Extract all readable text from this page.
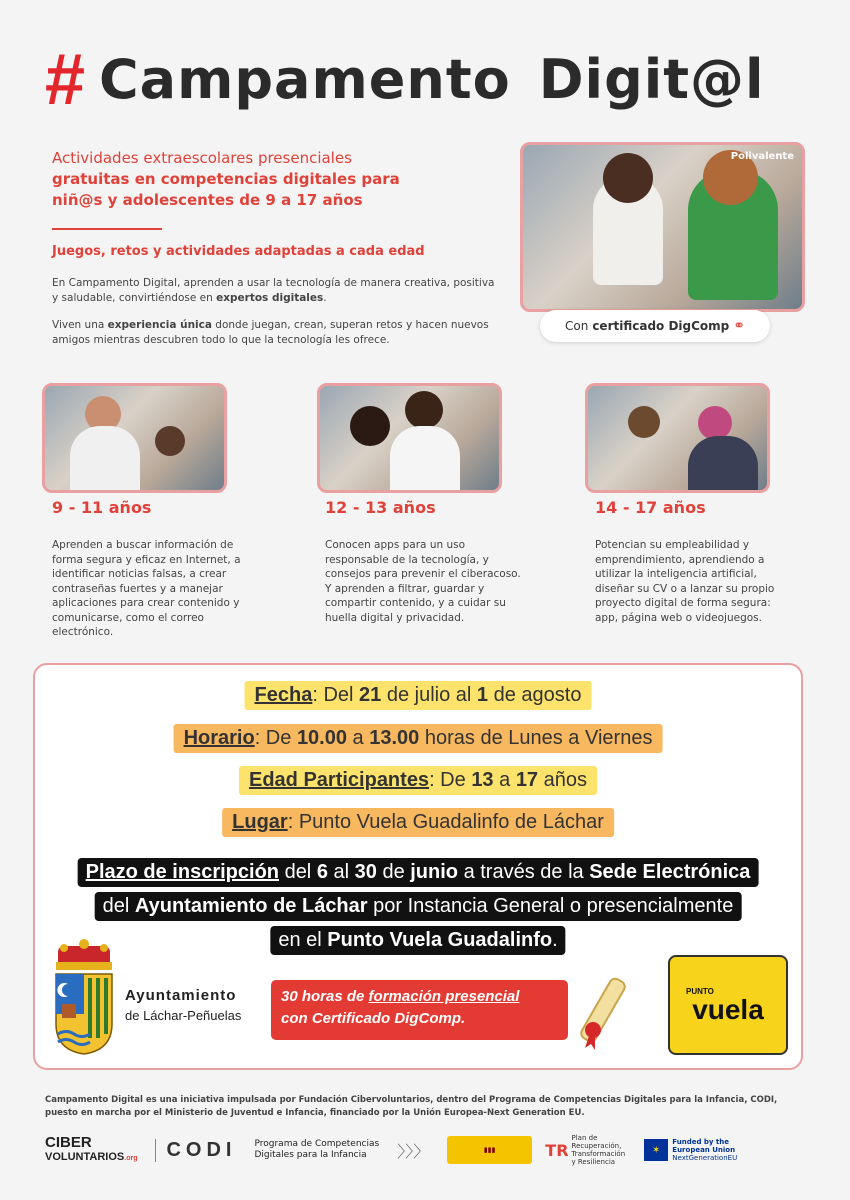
# Campamento Digit@l
Actividades extraescolares presenciales
gratuitas en competencias digitales para
niñ@s y adolescentes de 9 a 17 años
Juegos, retos y actividades adaptadas a cada edad
En Campamento Digital, aprenden a usar la tecnología de manera creativa, positiva y saludable, convirtiéndose en expertos digitales.
Viven una experiencia única donde juegan, crean, superan retos y hacen nuevos amigos mientras descubren todo lo que la tecnología les ofrece.
Polivalente
Con certificado DigComp ⚭
9 - 11 años	12 - 13 años	14 - 17 años
Aprenden a buscar información de forma segura y eficaz en Internet, a identificar noticias falsas, a crear contraseñas fuertes y a manejar aplicaciones para crear contenido y comunicarse, como el correo electrónico.
Conocen apps para un uso responsable de la tecnología, y consejos para prevenir el ciberacoso. Y aprenden a filtrar, guardar y compartir contenido, y a cuidar su huella digital y privacidad.
Potencian su empleabilidad y emprendimiento, aprendiendo a utilizar la inteligencia artificial, diseñar su CV o a lanzar su propio proyecto digital de forma segura: app, página web o videojuegos.
Fecha: Del 21 de julio al 1 de agosto
Horario: De 10.00 a 13.00 horas de Lunes a Viernes
Edad Participantes: De 13 a 17 años
Lugar: Punto Vuela Guadalinfo de Láchar
Plazo de inscripción del 6 al 30 de junio a través de la Sede Electrónica
del Ayuntamiento de Láchar por Instancia General o presencialmente
en el Punto Vuela Guadalinfo.
Ayuntamiento
de Láchar-Peñuelas
30 horas de formación presencial
con Certificado DigComp.
PUNTO
vuela
Campamento Digital es una iniciativa impulsada por Fundación Cibervoluntarios, dentro del Programa de Competencias Digitales para la Infancia, CODI, puesto en marcha por el Ministerio de Juventud e Infancia, financiado por la Unión Europea-Next Generation EU.
CIBER
VOLUNTARIOS.org	CODI Programa de Competencias
Digitales para la Infancia	〉〉〉	▮▮▮	TR
Plan de Recuperación, Transformación y Resiliencia
✶
Funded by the
European Union
NextGenerationEU
